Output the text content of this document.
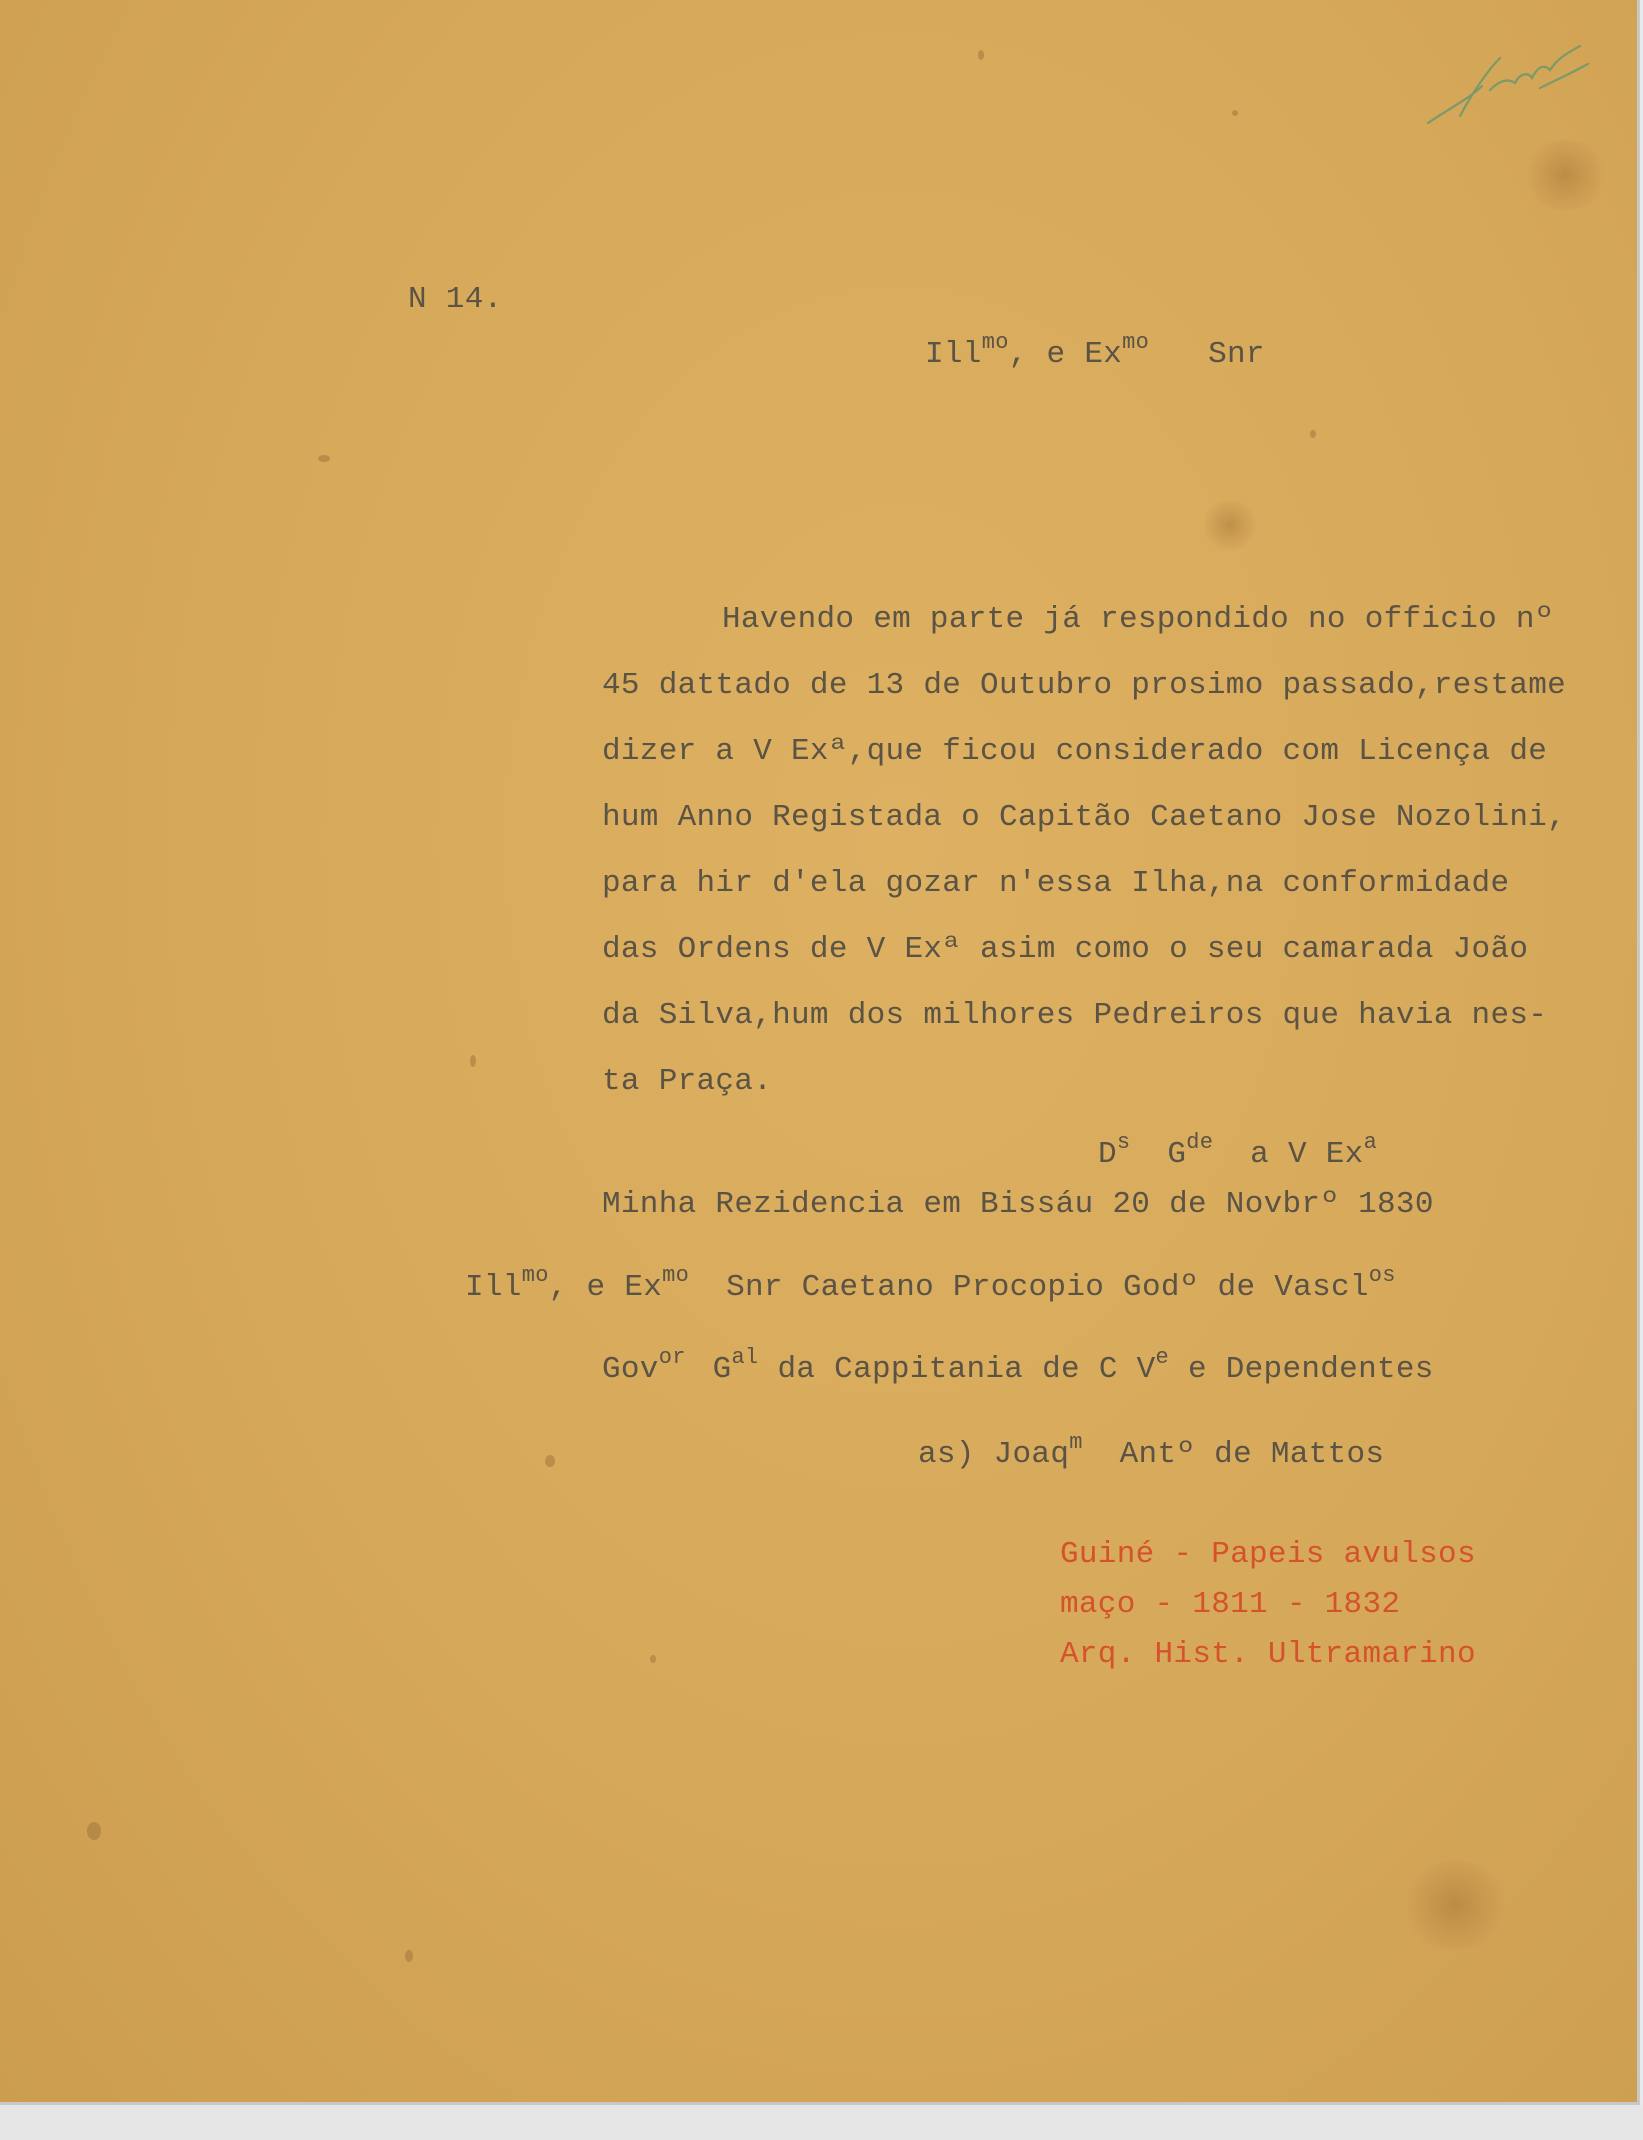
N 14.
Ill$^{mo}$, e $Ex^{mo}$ Snr
Havendo em parte já respondido no officio nº
45 dattado de 13 de Outubro prosimo passado,restame
dizer a V Exª,que ficou considerado com Licença de
hum Anno Registada o Capitão Caetano Jose Nozolini,
para hir d'ela gozar n'essa Ilha,na conformidade
das Ordens de V Exª asim como o seu camarada João
da Silva,hum dos milhores Pedreiros que havia nes-
ta Praça.
$D^s$ $G^{de}$ a V Ex$^a$
Minha Rezidencia em Bissáu 20 de Novbrº 1830
Ill$^{mo}$, e $Ex^{mo}$ Snr Caetano Procopio Godº de Vascl$^{os}$
Gov$^{or}$ $G^{al}$ da Cappitania de C Ve e Dependentes
as) Joaq$^m$ Antº de Mattos
Guiné - Papeis avulsos
maço - 1811 - 1832
Arq. Hist. Ultramarino
